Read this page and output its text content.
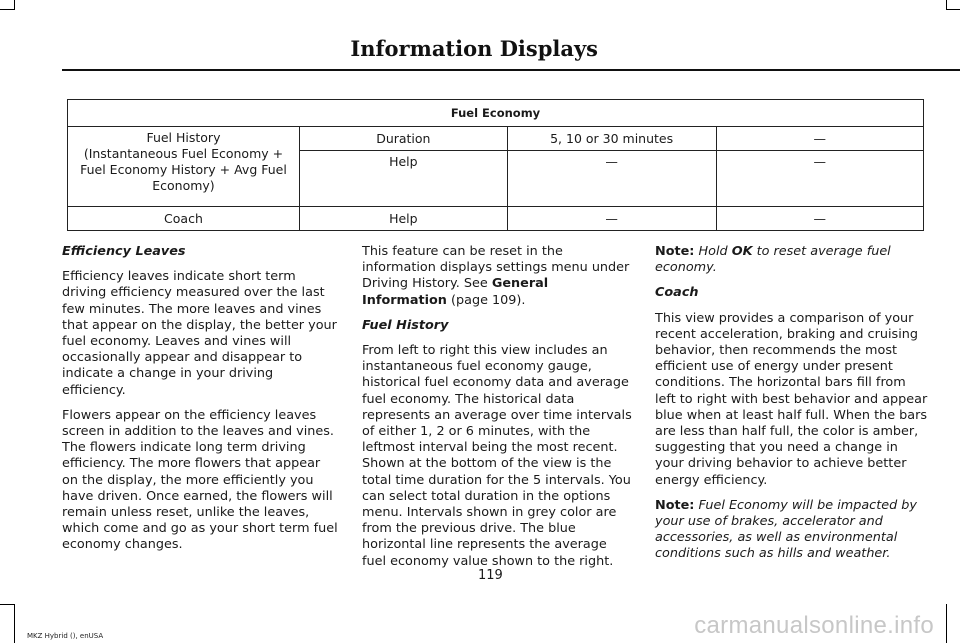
Information Displays
Fuel Economy			
Fuel History
(Instantaneous Fuel Economy + Fuel Economy History + Avg Fuel Economy)	Duration	5, 10 or 30 minutes	—
	Help	—	—
Coach	Help	—	—

Efficiency Leaves

Efficiency leaves indicate short term driving efficiency measured over the last few minutes. The more leaves and vines that appear on the display, the better your fuel economy. Leaves and vines will occasionally appear and disappear to indicate a change in your driving efficiency.

Flowers appear on the efficiency leaves screen in addition to the leaves and vines. The flowers indicate long term driving efficiency. The more flowers that appear on the display, the more efficiently you have driven. Once earned, the flowers will remain unless reset, unlike the leaves, which come and go as your short term fuel economy changes.

This feature can be reset in the information displays settings menu under Driving History. See General Information (page 109).

Fuel History

From left to right this view includes an instantaneous fuel economy gauge, historical fuel economy data and average fuel economy. The historical data represents an average over time intervals of either 1, 2 or 6 minutes, with the leftmost interval being the most recent. Shown at the bottom of the view is the total time duration for the 5 intervals. You can select total duration in the options menu. Intervals shown in grey color are from the previous drive. The blue horizontal line represents the average fuel economy value shown to the right.

Note: Hold OK to reset average fuel economy.

Coach

This view provides a comparison of your recent acceleration, braking and cruising behavior, then recommends the most efficient use of energy under present conditions. The horizontal bars fill from left to right with best behavior and appear blue when at least half full. When the bars are less than half full, the color is amber, suggesting that you need a change in your driving behavior to achieve better energy efficiency.

Note: Fuel Economy will be impacted by your use of brakes, accelerator and accessories, as well as environmental conditions such as hills and weather.

119
MKZ Hybrid (), enUSA	carmanualsonline.info
